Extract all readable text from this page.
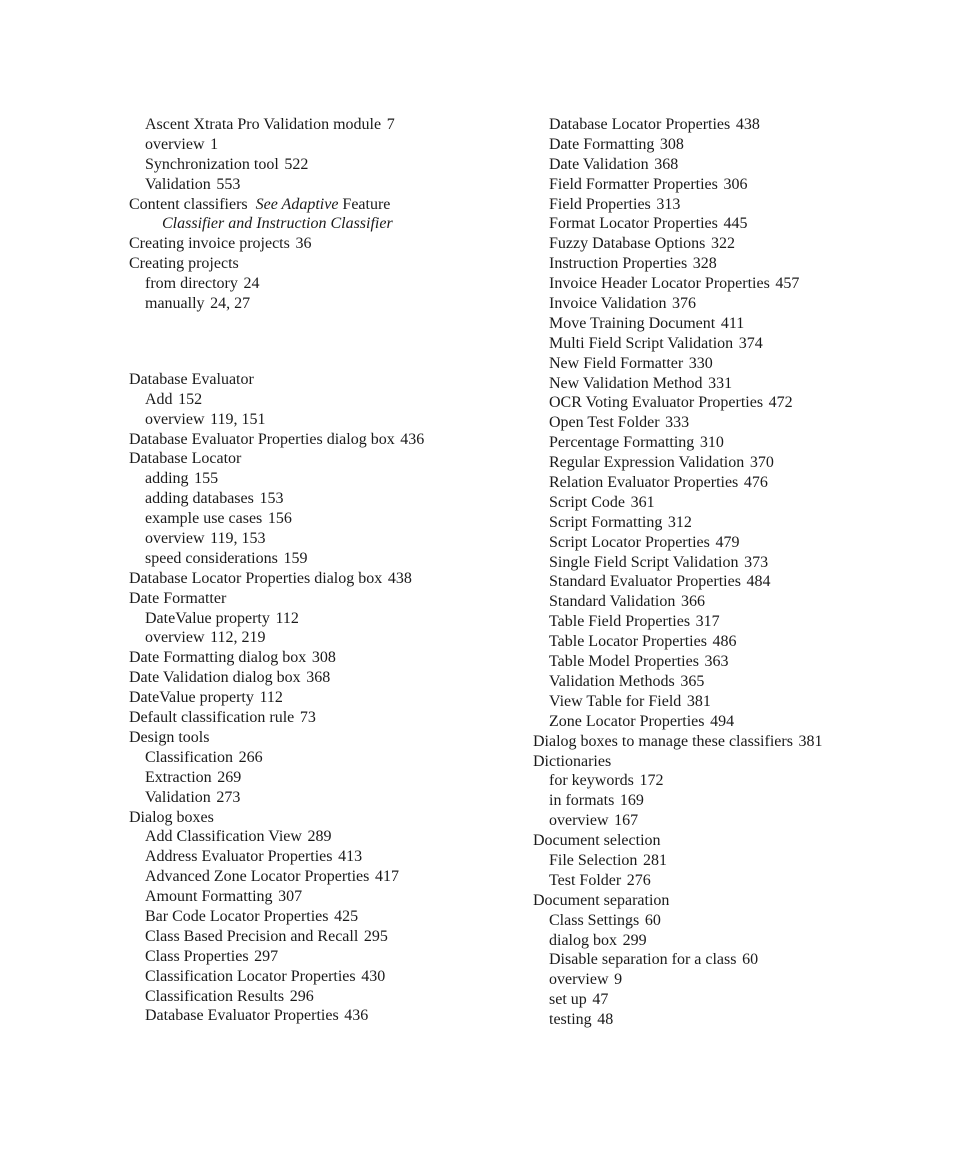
Ascent Xtrata Pro Validation module 7
overview 1
Synchronization tool 522
Validation 553
Content classifiers See Adaptive Feature
Classifier and Instruction Classifier
Creating invoice projects 36
Creating projects
from directory 24
manually 24, 27
Database Evaluator
Add 152
overview 119, 151
Database Evaluator Properties dialog box 436
Database Locator
adding 155
adding databases 153
example use cases 156
overview 119, 153
speed considerations 159
Database Locator Properties dialog box 438
Date Formatter
DateValue property 112
overview 112, 219
Date Formatting dialog box 308
Date Validation dialog box 368
DateValue property 112
Default classification rule 73
Design tools
Classification 266
Extraction 269
Validation 273
Dialog boxes
Add Classification View 289
Address Evaluator Properties 413
Advanced Zone Locator Properties 417
Amount Formatting 307
Bar Code Locator Properties 425
Class Based Precision and Recall 295
Class Properties 297
Classification Locator Properties 430
Classification Results 296
Database Evaluator Properties 436
Database Locator Properties 438
Date Formatting 308
Date Validation 368
Field Formatter Properties 306
Field Properties 313
Format Locator Properties 445
Fuzzy Database Options 322
Instruction Properties 328
Invoice Header Locator Properties 457
Invoice Validation 376
Move Training Document 411
Multi Field Script Validation 374
New Field Formatter 330
New Validation Method 331
OCR Voting Evaluator Properties 472
Open Test Folder 333
Percentage Formatting 310
Regular Expression Validation 370
Relation Evaluator Properties 476
Script Code 361
Script Formatting 312
Script Locator Properties 479
Single Field Script Validation 373
Standard Evaluator Properties 484
Standard Validation 366
Table Field Properties 317
Table Locator Properties 486
Table Model Properties 363
Validation Methods 365
View Table for Field 381
Zone Locator Properties 494
Dialog boxes to manage these classifiers 381
Dictionaries
for keywords 172
in formats 169
overview 167
Document selection
File Selection 281
Test Folder 276
Document separation
Class Settings 60
dialog box 299
Disable separation for a class 60
overview 9
set up 47
testing 48
